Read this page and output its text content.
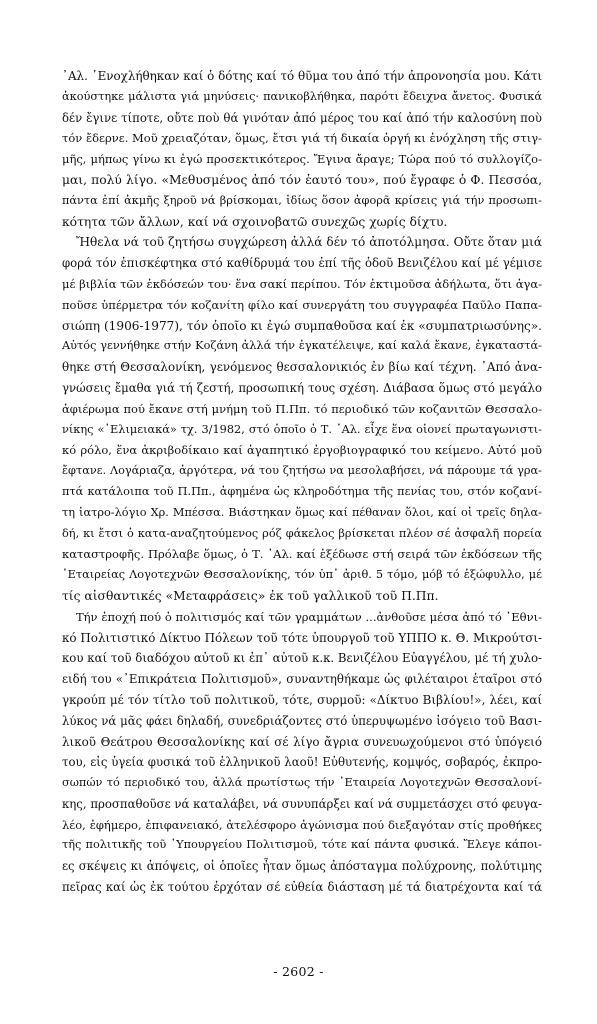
᾿Αλ. ᾿Ενοχλήθηκαν καί ὁ δότης καί τό θῦμα του ἀπό τήν ἀπρονοησία μου. Κάτι
ἀκούστηκε μάλιστα γιά μηνύσεις· πανικοβλήθηκα, παρότι ἔδειχνα ἄνετος. Φυσικά
δέν ἔγινε τίποτε, οὔτε ποὺ θά γινόταν ἀπό μέρος του καί ἀπό τήν καλοσύνη ποὺ
τόν ἔδερνε. Μοῦ χρειαζόταν, ὅμως, ἔτσι γιά τή δικαία ὀργή κι ἐνόχληση τῆς στιγ-
μῆς, μήπως γίνω κι ἐγώ προσεκτικότερος. Ἔγινα ἄραγε; Τώρα πού τό συλλογίζο-
μαι, πολύ λίγο. «Μεθυσμένος ἀπό τόν ἑαυτό του», πού ἔγραφε ὁ Φ. Πεσσόα,
πάντα ἐπί ἀκμῆς ξηροῦ νά βρίσκομαι, ἰδίως ὅσον ἀφορᾶ κρίσεις γιά τήν προσωπι-
κότητα τῶν ἄλλων, καί νά σχοινοβατῶ συνεχῶς χωρίς δίχτυ.

Ἤθελα νά τοῦ ζητήσω συγχώρεση ἀλλά δέν τό ἀποτόλμησα. Οὔτε ὅταν μιά
φορά τόν ἐπισκέφτηκα στό καθίδρυμά του ἐπί τῆς ὁδοῦ Βενιζέλου καί μέ γέμισε
μέ βιβλία τῶν ἐκδόσεών του· ἕνα σακί περίπου. Τόν ἐκτιμοῦσα ἀδήλωτα, ὅτι ἀγα-
ποῦσε ὑπέρμετρα τόν κοζανίτη φίλο καί συνεργάτη του συγγραφέα Παῦλο Παπα-
σιώπη (1906-1977), τόν ὁποῖο κι ἐγώ συμπαθοῦσα καί ἐκ «συμπατριωσύνης».
Αὐτός γεννήθηκε στήν Κοζάνη ἀλλά τήν ἐγκατέλειψε, καί καλά ἔκανε, ἐγκαταστά-
θηκε στή Θεσσαλονίκη, γενόμενος θεσσαλονικιός ἐν βίω καί τέχνη. ᾿Από ἀνα-
γνώσεις ἔμαθα γιά τή ζεστή, προσωπική τους σχέση. Διάβασα ὅμως στό μεγάλο
ἀφιέρωμα πού ἔκανε στή μνήμη τοῦ Π.Ππ. τό περιοδικό τῶν κοζανιτῶν Θεσσαλο-
νίκης «᾿Ελιμειακά» τχ. 3/1982, στό ὁποῖο ὁ Τ. ᾿Αλ. εἶχε ἕνα οἱονεί πρωταγωνιστι-
κό ρόλο, ἕνα ἀκριβοδίκαιο καί ἀγαπητικό ἐργοβιογραφικό του κείμενο. Αὐτό μοῦ
ἔφτανε. Λογάριαζα, ἀργότερα, νά του ζητήσω να μεσολαβήσει, νά πάρουμε τά γρα-
πτά κατάλοιπα τοῦ Π.Ππ., ἀφημένα ὡς κληροδότημα τῆς πενίας του, στόν κοζανί-
τη ἰατρο-λόγιο Χρ. Μπέσσα. Βιάστηκαν ὅμως καί πέθαναν ὅλοι, καί οἱ τρεῖς δηλα-
δή, κι ἔτσι ὁ κατα-αναζητούμενος ρόζ φάκελος βρίσκεται πλέον σέ ἀσφαλῆ πορεία
καταστροφῆς. Πρόλαβε ὅμως, ὁ Τ. ᾿Αλ. καί ἐξέδωσε στή σειρά τῶν ἐκδόσεων τῆς
᾿Εταιρείας Λογοτεχνῶν Θεσσαλονίκης, τόν ὑπ᾿ ἀριθ. 5 τόμο, μόβ τό ἐξώφυλλο, μέ
τίς αἰσθαντικές «Μεταφράσεις» ἐκ τοῦ γαλλικοῦ τοῦ Π.Ππ.

Τήν ἐποχή πού ὁ πολιτισμός καί τῶν γραμμάτων ...ἀνθοῦσε μέσα ἀπό τό ᾿Εθνι-
κό Πολιτιστικό Δίκτυο Πόλεων τοῦ τότε ὑπουργοῦ τοῦ ΥΠΠΟ κ. Θ. Μικρούτσι-
κου καί τοῦ διαδόχου αὐτοῦ κι ἐπ᾿ αὐτοῦ κ.κ. Βενιζέλου Εὐαγγέλου, μέ τή χυλο-
ειδή του «᾿Επικράτεια Πολιτισμοῦ», συναντηθήκαμε ὡς φιλέταιροι ἑταῖροι στό
γκρούπ μέ τόν τίτλο τοῦ πολιτικοῦ, τότε, συρμοῦ: «Δίκτυο Βιβλίου!», λέει, καί
λύκος νά μᾶς φάει δηλαδή, συνεδριάζοντες στό ὑπερυψωμένο ἰσόγειο τοῦ Βασι-
λικοῦ Θεάτρου Θεσσαλονίκης καί σέ λίγο ἄγρια συνευωχούμενοι στό ὑπόγειό
του, εἰς ὑγεία φυσικά τοῦ ἑλληνικοῦ λαοῦ! Εὐθυτενής, κομψός, σοβαρός, ἐκπρο-
σωπών τό περιοδικό του, ἀλλά πρωτίστως τήν ᾿Εταιρεία Λογοτεχνῶν Θεσσαλονί-
κης, προσπαθοῦσε νά καταλάβει, νά συνυπάρξει καί νά συμμετάσχει στό φευγα-
λέο, ἐφήμερο, ἐπιφανειακό, ἀτελέσφορο ἀγώνισμα πού διεξαγόταν στίς προθήκες
τῆς πολιτικῆς τοῦ ῾Υπουργείου Πολιτισμοῦ, τότε καί πάντα φυσικά. Ἔλεγε κάποι-
ες σκέψεις κι ἀπόψεις, οἱ ὁποῖες ἦταν ὅμως ἀπόσταγμα πολύχρονης, πολύτιμης
πεῖρας καί ὡς ἐκ τούτου ἐρχόταν σέ εὐθεία διάσταση μέ τά διατρέχοντα καί τά

- 2602 -
